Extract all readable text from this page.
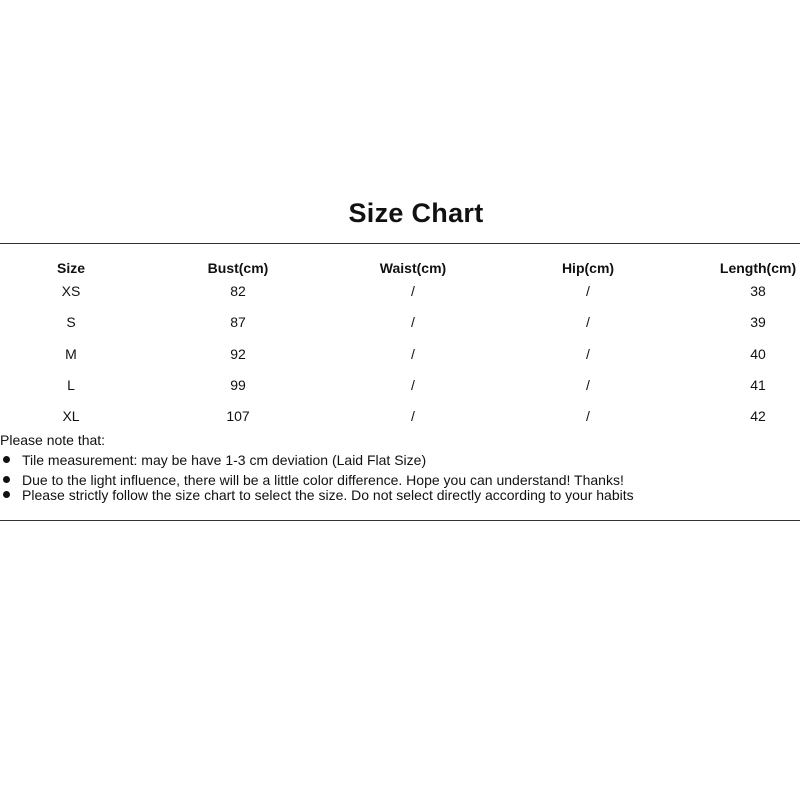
Size Chart
Size	Bust(cm)	Waist(cm)	Hip(cm)	Length(cm)
XS	82	/	/	38
S	87	/	/	39
M	92	/	/	40
L	99	/	/	41
XL	107	/	/	42
Please note that:
Tile measurement: may be have 1-3 cm deviation (Laid Flat Size)
Due to the light influence, there will be a little color difference. Hope you can understand! Thanks!
Please strictly follow the size chart to select the size. Do not select directly according to your habits
